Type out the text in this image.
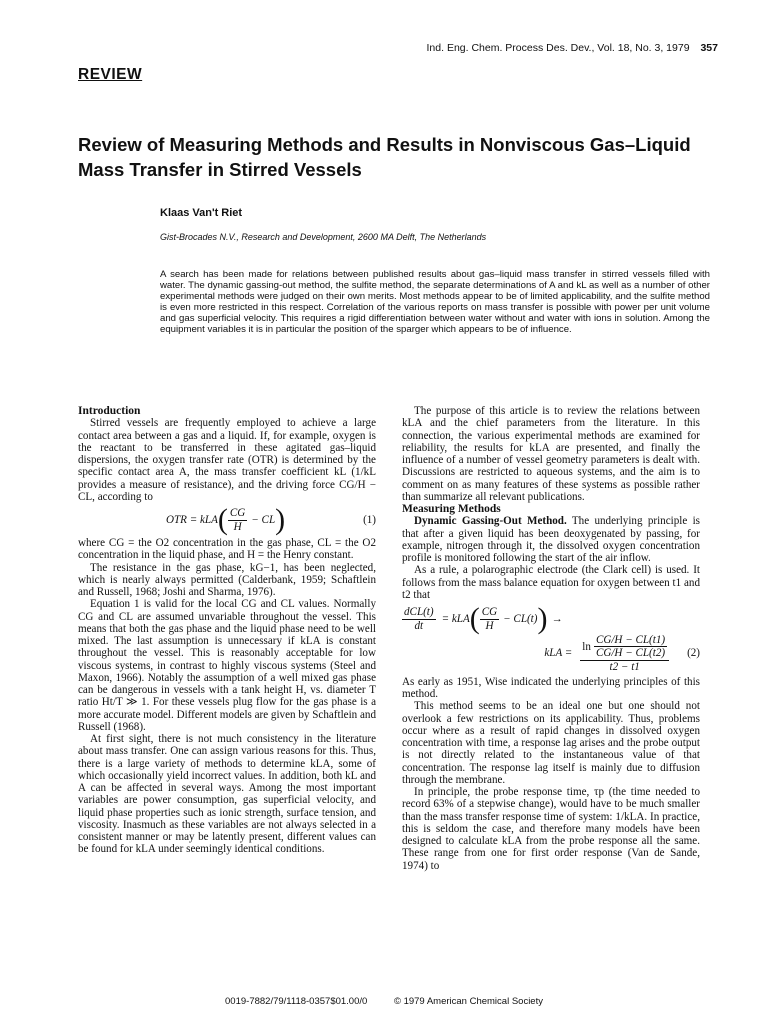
Ind. Eng. Chem. Process Des. Dev., Vol. 18, No. 3, 1979 357
REVIEW
Review of Measuring Methods and Results in Nonviscous Gas–Liquid Mass Transfer in Stirred Vessels
Klaas Van't Riet
Gist-Brocades N.V., Research and Development, 2600 MA Delft, The Netherlands

A search has been made for relations between published results about gas–liquid mass transfer in stirred vessels filled with water. The dynamic gassing-out method, the sulfite method, the separate determinations of A and kL as well as a number of other experimental methods were judged on their own merits. Most methods appear to be of limited applicability, and the sulfite method is even more restricted in this respect. Correlation of the various reports on mass transfer is possible with power per unit volume and gas superficial velocity. This requires a rigid differentiation between water without and water with ions in solution. Among the equipment variables it is in particular the position of the sparger which appears to be of influence.

Introduction

Stirred vessels are frequently employed to achieve a large contact area between a gas and a liquid. If, for example, oxygen is the reactant to be transferred in these agitated gas–liquid dispersions, the oxygen transfer rate (OTR) is determined by the specific contact area A, the mass transfer coefficient kL (1/kL provides a measure of resistance), and the driving force CG/H − CL, according to

OTR = kLA ( $\frac{CG}{H}$ − CL )	(1)

where CG = the O2 concentration in the gas phase, CL = the O2 concentration in the liquid phase, and H = the Henry constant.

The resistance in the gas phase, kG−1, has been neglected, which is nearly always permitted (Calderbank, 1959; Schaftlein and Russell, 1968; Joshi and Sharma, 1976).

Equation 1 is valid for the local CG and CL values. Normally CG and CL are assumed unvariable throughout the vessel. This means that both the gas phase and the liquid phase need to be well mixed. The last assumption is unnecessary if kLA is constant throughout the vessel. This is reasonably acceptable for low viscous systems, in contrast to highly viscous systems (Steel and Maxon, 1966). Notably the assumption of a well mixed gas phase can be dangerous in vessels with a tank height H, vs. diameter T ratio Ht/T ≫ 1. For these vessels plug flow for the gas phase is a more accurate model. Different models are given by Schaftlein and Russell (1968).

At first sight, there is not much consistency in the literature about mass transfer. One can assign various reasons for this. Thus, there is a large variety of methods to determine kLA, some of which occasionally yield incorrect values. In addition, both kL and A can be affected in several ways. Among the most important variables are power consumption, gas superficial velocity, and liquid phase properties such as ionic strength, surface tension, and viscosity. Inasmuch as these variables are not always selected in a consistent manner or may be latently present, different values can be found for kLA under seemingly identical conditions.

The purpose of this article is to review the relations between kLA and the chief parameters from the literature. In this connection, the various experimental methods are examined for reliability, the results for kLA are presented, and finally the influence of a number of vessel geometry parameters is dealt with. Discussions are restricted to aqueous systems, and the aim is to comment on as many features of these systems as possible rather than summarize all relevant publications.

Measuring Methods

Dynamic Gassing-Out Method. The underlying principle is that after a given liquid has been deoxygenated by passing, for example, nitrogen through it, the dissolved oxygen concentration profile is monitored following the start of the air inflow.

As a rule, a polarographic electrode (the Clark cell) is used. It follows from the mass balance equation for oxygen between t1 and t2 that

$\frac{\text{dCL(t)}}{dt}$ = kLA ( $\frac{CG}{H} - CL(t)$ ) →
kLA =
$\ln \frac{CG/H - CL(t1)}{CG/H - CL(t2)}$
t2 − t1
(2)

As early as 1951, Wise indicated the underlying principles of this method.

This method seems to be an ideal one but one should not overlook a few restrictions on its applicability. Thus, problems occur where as a result of rapid changes in dissolved oxygen concentration with time, a response lag arises and the probe output is not directly related to the instantaneous value of that concentration. The response lag itself is mainly due to diffusion through the membrane.

In principle, the probe response time, τp (the time needed to record 63% of a stepwise change), would have to be much smaller than the mass transfer response time of system: 1/kLA. In practice, this is seldom the case, and therefore many models have been designed to calculate kLA from the probe response all the same. These range from one for first order response (Van de Sande, 1974) to

0019-7882/79/1118-0357$01.00/0	© 1979 American Chemical Society
